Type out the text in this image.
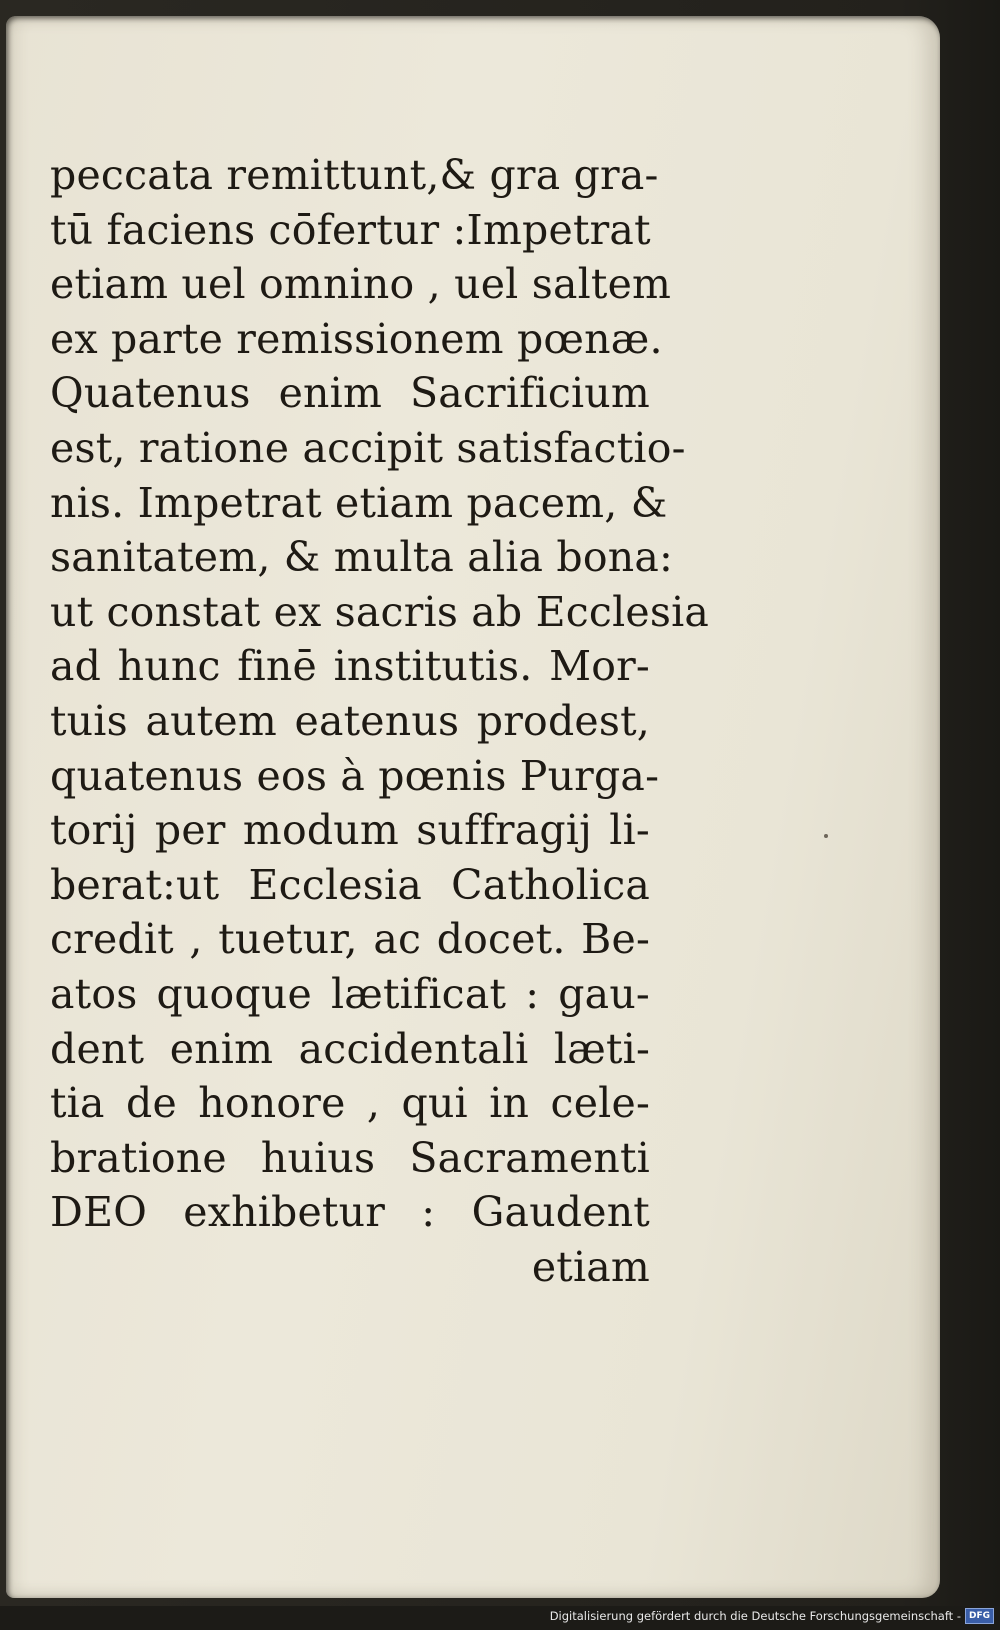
peccata remittunt,& gra gra-
tū faciens cōfertur :Impetrat
etiam uel omnino , uel saltem
ex parte remissionem pœnæ.
Quatenus enim Sacrificium
est, ratione accipit satisfactio-
nis. Impetrat etiam pacem, &
sanitatem, & multa alia bona:
ut constat ex sacris ab Ecclesia
ad hunc finē institutis. Mor-
tuis autem eatenus prodest,
quatenus eos à pœnis Purga-
torij per modum suffragij li-
berat:ut Ecclesia Catholica
credit , tuetur, ac docet. Be-
atos quoque lætificat : gau-
dent enim accidentali læti-
tia de honore , qui in cele-
bratione huius Sacramenti
DEO exhibetur : Gaudent
etiam
Digitalisierung gefördert durch die Deutsche Forschungsgemeinschaft - DFG
